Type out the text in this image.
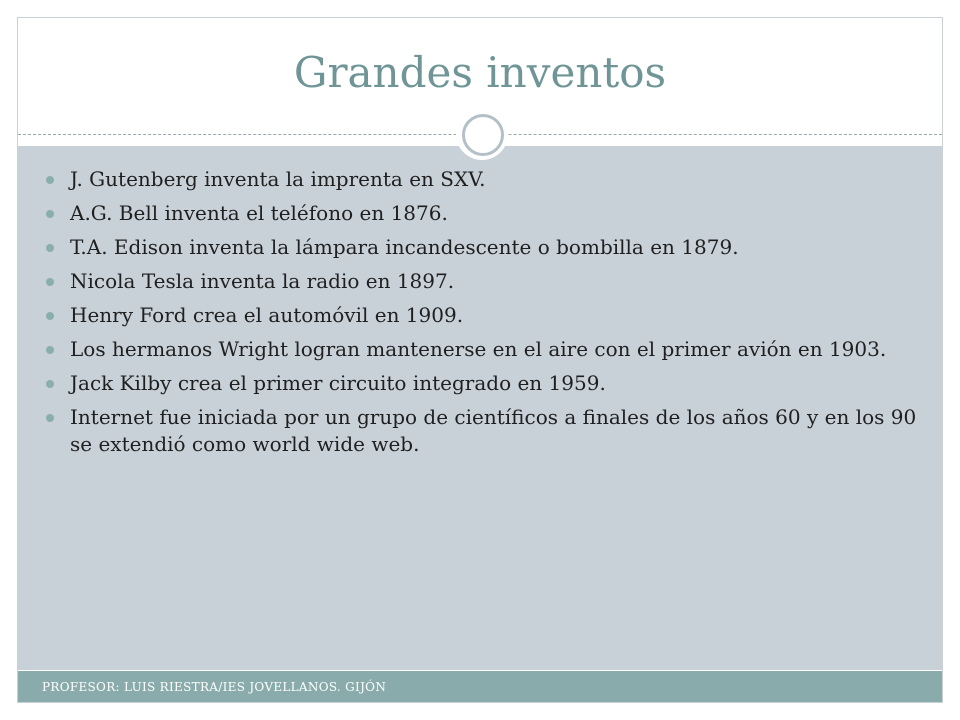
Grandes inventos
J. Gutenberg inventa la imprenta en SXV.
A.G. Bell inventa el teléfono en 1876.
T.A. Edison inventa la lámpara incandescente o bombilla en 1879.
Nicola Tesla inventa la radio en 1897.
Henry Ford crea el automóvil en 1909.
Los hermanos Wright logran mantenerse en el aire con el primer avión en 1903.
Jack Kilby crea el primer circuito integrado en 1959.
Internet fue iniciada por un grupo de científicos a finales de los años 60 y en los 90 se extendió como world wide web.
PROFESOR: LUIS RIESTRA/IES JOVELLANOS. GIJÓN
